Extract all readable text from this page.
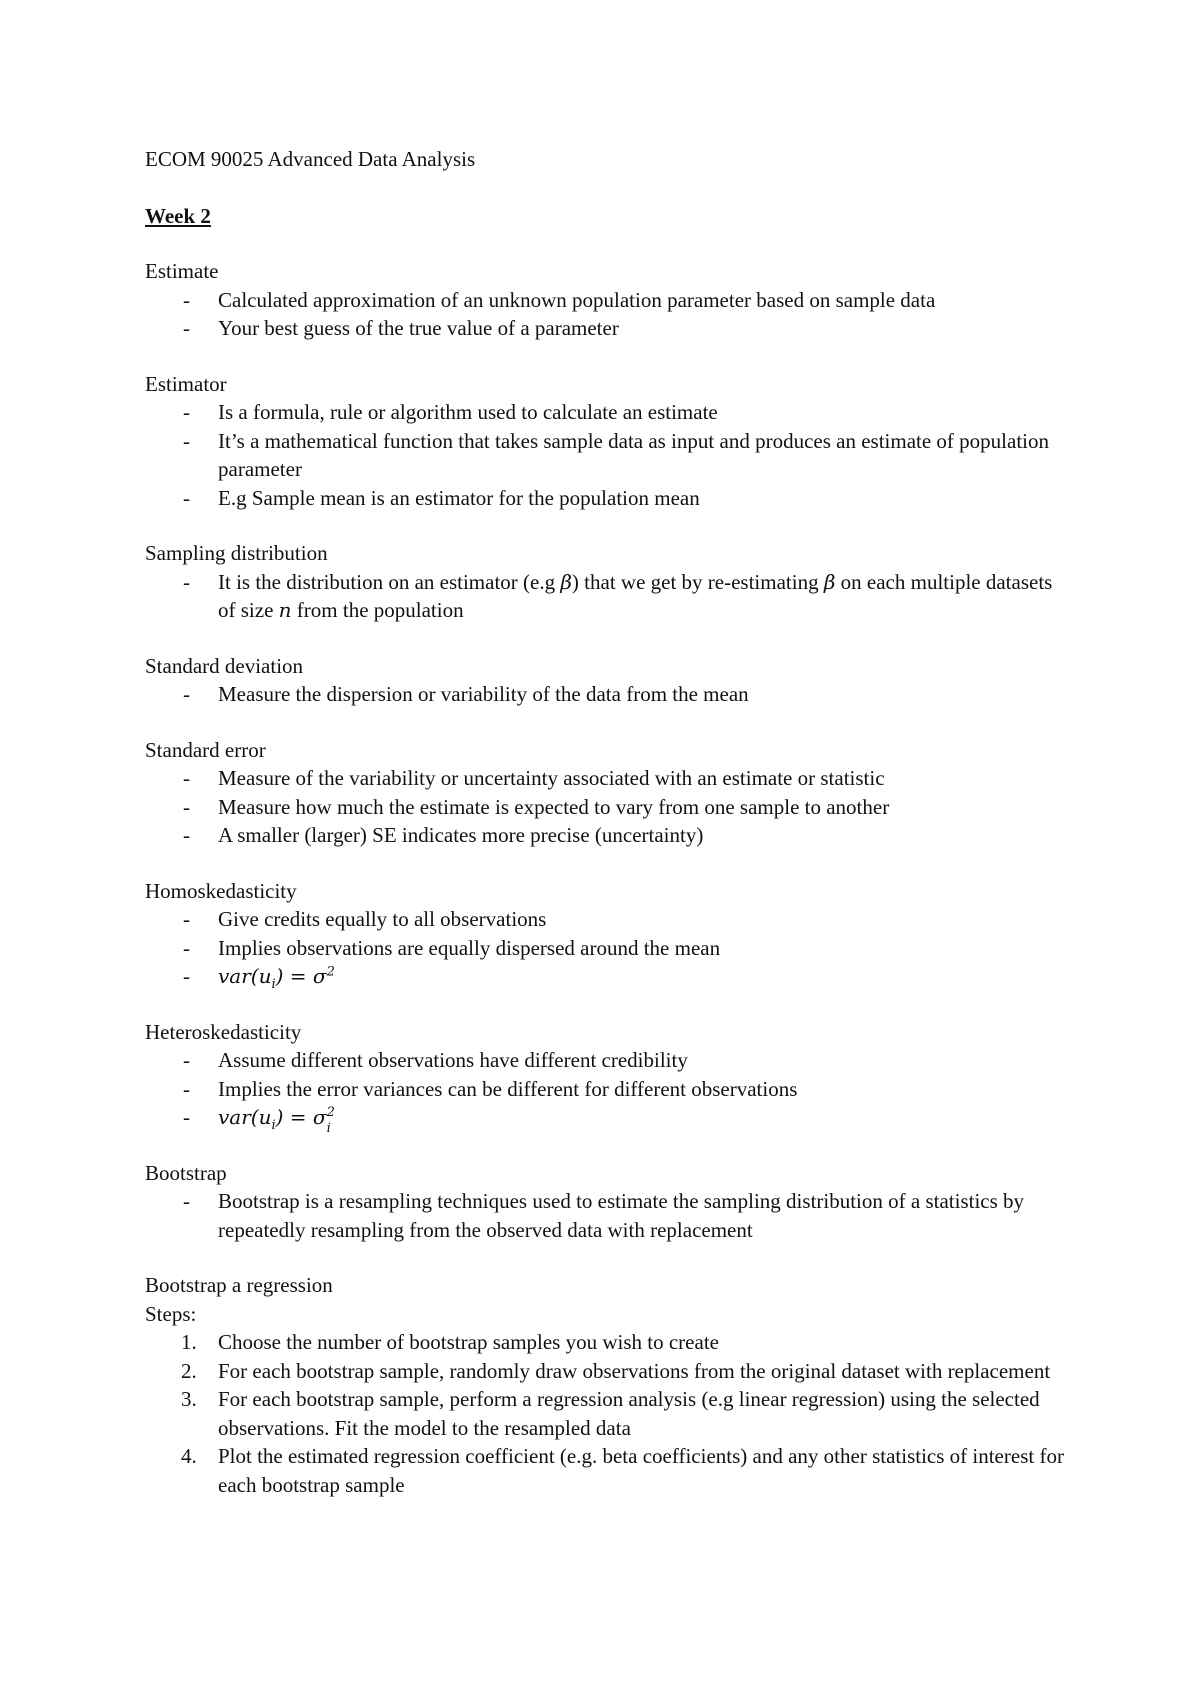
ECOM 90025 Advanced Data Analysis

Week 2

Estimate

- Calculated approximation of an unknown population parameter based on sample data
- Your best guess of the true value of a parameter

Estimator

- Is a formula, rule or algorithm used to calculate an estimate
- It’s a mathematical function that takes sample data as input and produces an estimate of population parameter
- E.g Sample mean is an estimator for the population mean

Sampling distribution

- It is the distribution on an estimator (e.g β) that we get by re-estimating β on each multiple datasets of size n from the population

Standard deviation

- Measure the dispersion or variability of the data from the mean

Standard error

- Measure of the variability or uncertainty associated with an estimate or statistic
- Measure how much the estimate is expected to vary from one sample to another
- A smaller (larger) SE indicates more precise (uncertainty)

Homoskedasticity

- Give credits equally to all observations
- Implies observations are equally dispersed around the mean
- $var(u_i) = \sigma^2$

Heteroskedasticity

- Assume different observations have different credibility
- Implies the error variances can be different for different observations
- $var(u_i) = \sigma$ 2
i

Bootstrap

- Bootstrap is a resampling techniques used to estimate the sampling distribution of a statistics by repeatedly resampling from the observed data with replacement

Bootstrap a regression

Steps:

1. Choose the number of bootstrap samples you wish to create
2. For each bootstrap sample, randomly draw observations from the original dataset with replacement
3. For each bootstrap sample, perform a regression analysis (e.g linear regression) using the selected observations. Fit the model to the resampled data
4. Plot the estimated regression coefficient (e.g. beta coefficients) and any other statistics of interest for each bootstrap sample
